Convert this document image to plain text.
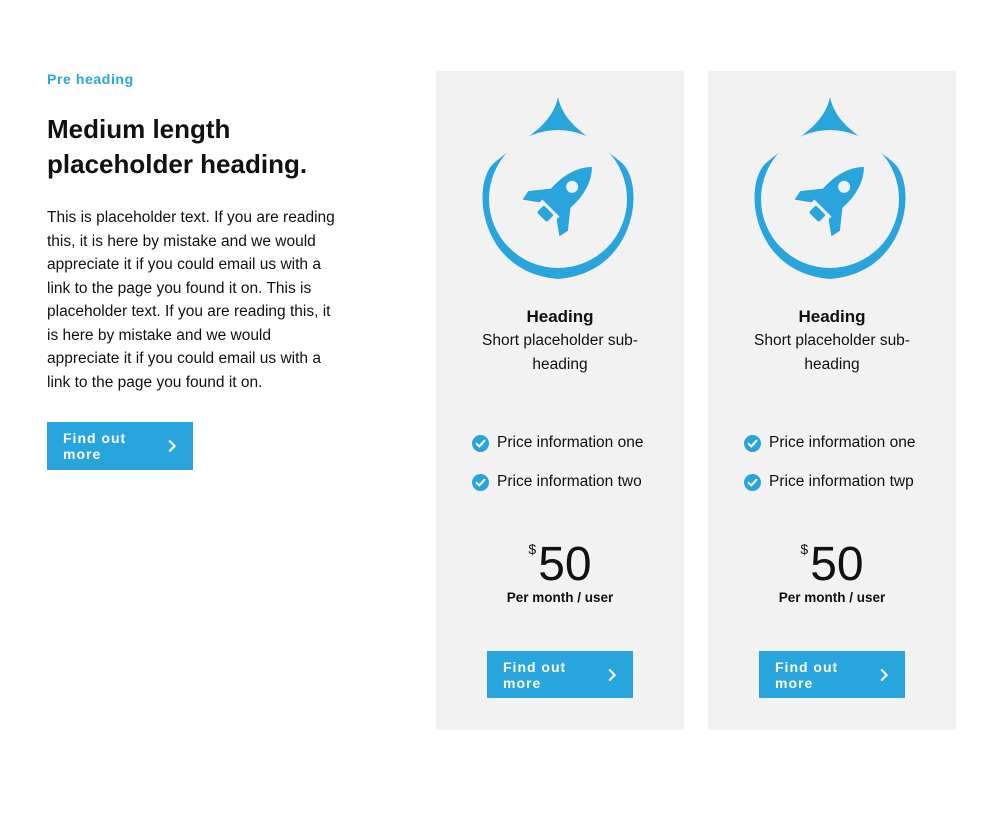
Pre heading

Medium length placeholder heading.

This is placeholder text. If you are reading this, it is here by mistake and we would appreciate it if you could email us with a link to the page you found it on. This is placeholder text. If you are reading this, it is here by mistake and we would appreciate it if you could email us with a link to the page you found it on.

Find out more
Heading

Short placeholder sub-heading

Price information one
Price information two
$50
Per month / user
Find out more
Heading

Short placeholder sub-heading

Price information one
Price information twp
$50
Per month / user
Find out more
